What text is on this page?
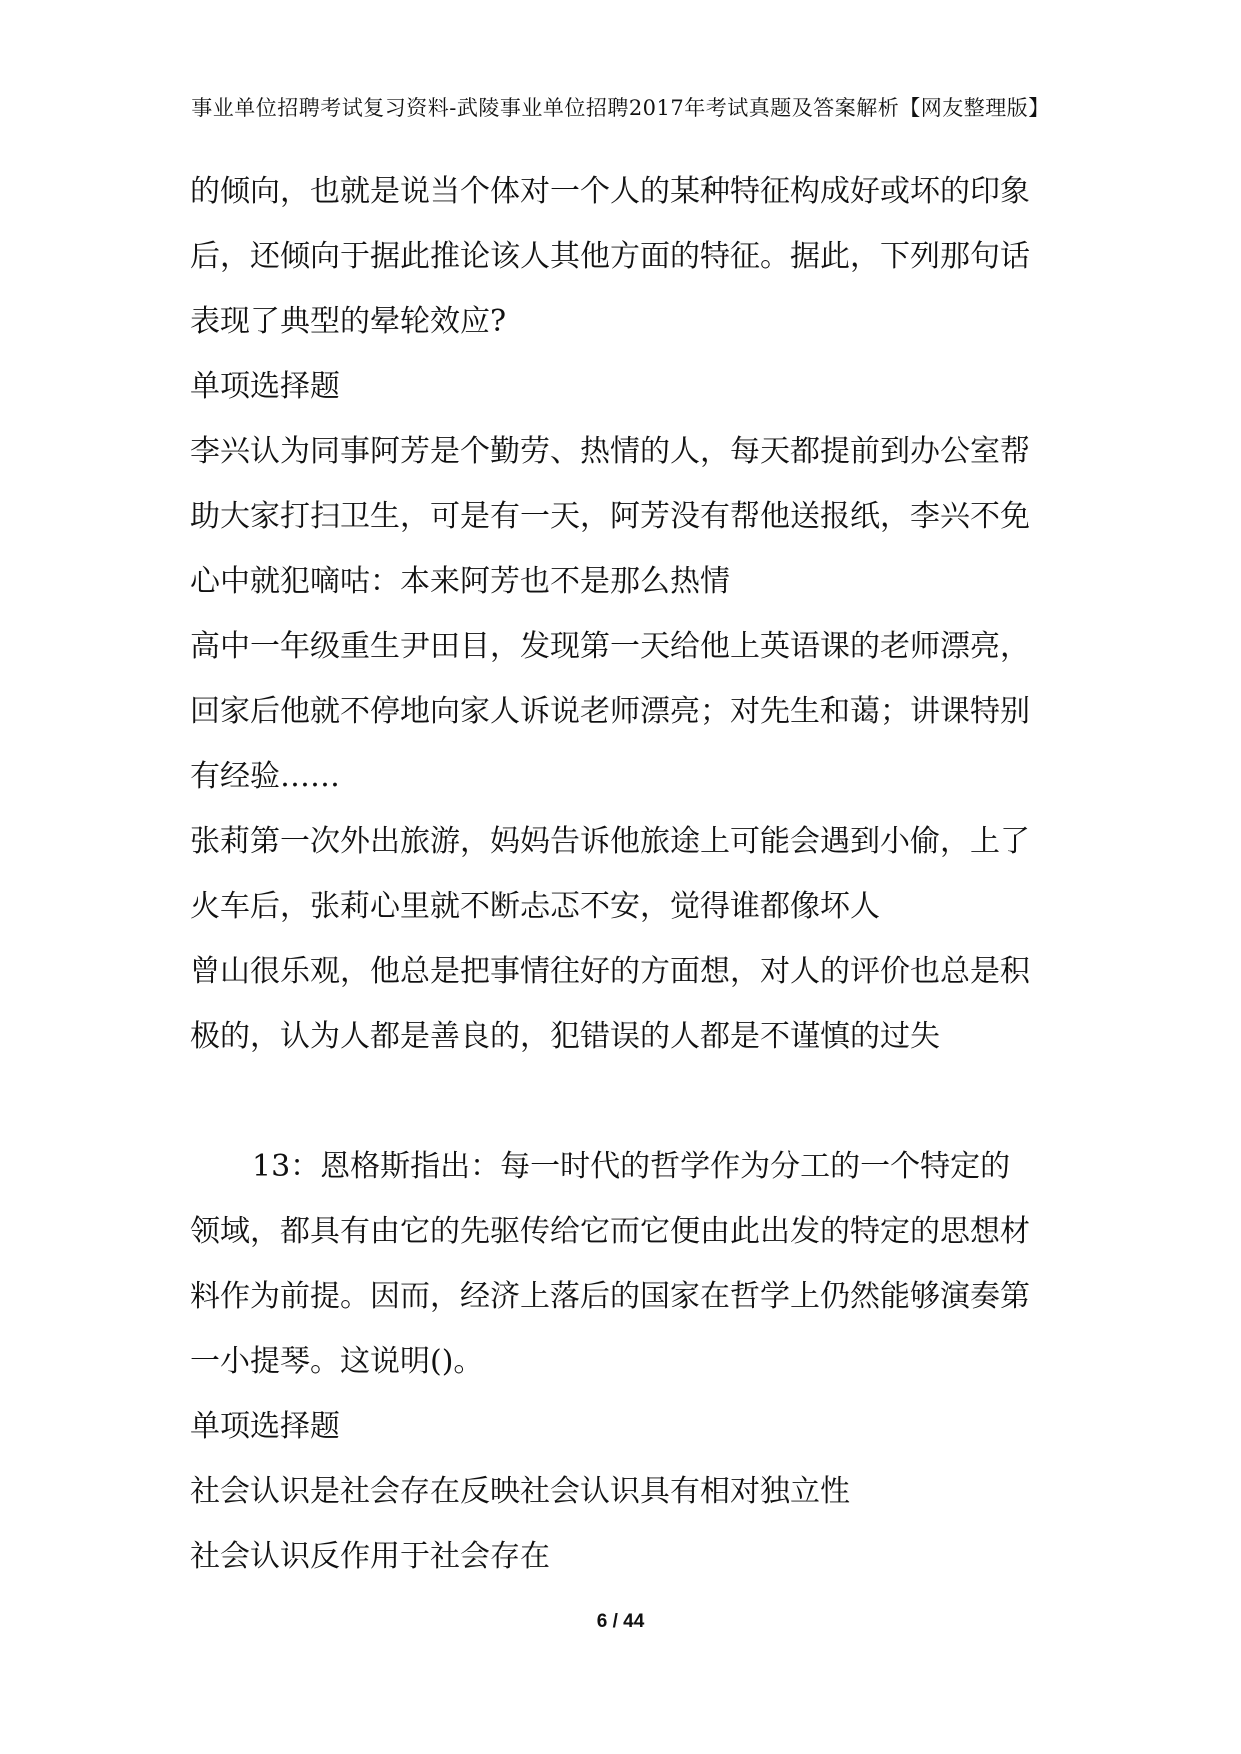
事业单位招聘考试复习资料-武陵事业单位招聘2017年考试真题及答案解析【网友整理版】
的倾向，也就是说当个体对一个人的某种特征构成好或坏的印象
后，还倾向于据此推论该人其他方面的特征。据此，下列那句话
表现了典型的晕轮效应?
单项选择题
李兴认为同事阿芳是个勤劳、热情的人，每天都提前到办公室帮
助大家打扫卫生，可是有一天，阿芳没有帮他送报纸，李兴不免
心中就犯嘀咕：本来阿芳也不是那么热情
高中一年级重生尹田目，发现第一天给他上英语课的老师漂亮，
回家后他就不停地向家人诉说老师漂亮；对先生和蔼；讲课特别
有经验……
张莉第一次外出旅游，妈妈告诉他旅途上可能会遇到小偷，上了
火车后，张莉心里就不断忐忑不安，觉得谁都像坏人
曾山很乐观，他总是把事情往好的方面想，对人的评价也总是积
极的，认为人都是善良的，犯错误的人都是不谨慎的过失
13：恩格斯指出：每一时代的哲学作为分工的一个特定的
领域，都具有由它的先驱传给它而它便由此出发的特定的思想材
料作为前提。因而，经济上落后的国家在哲学上仍然能够演奏第
一小提琴。这说明()。
单项选择题
社会认识是社会存在反映社会认识具有相对独立性
社会认识反作用于社会存在
6 / 44
